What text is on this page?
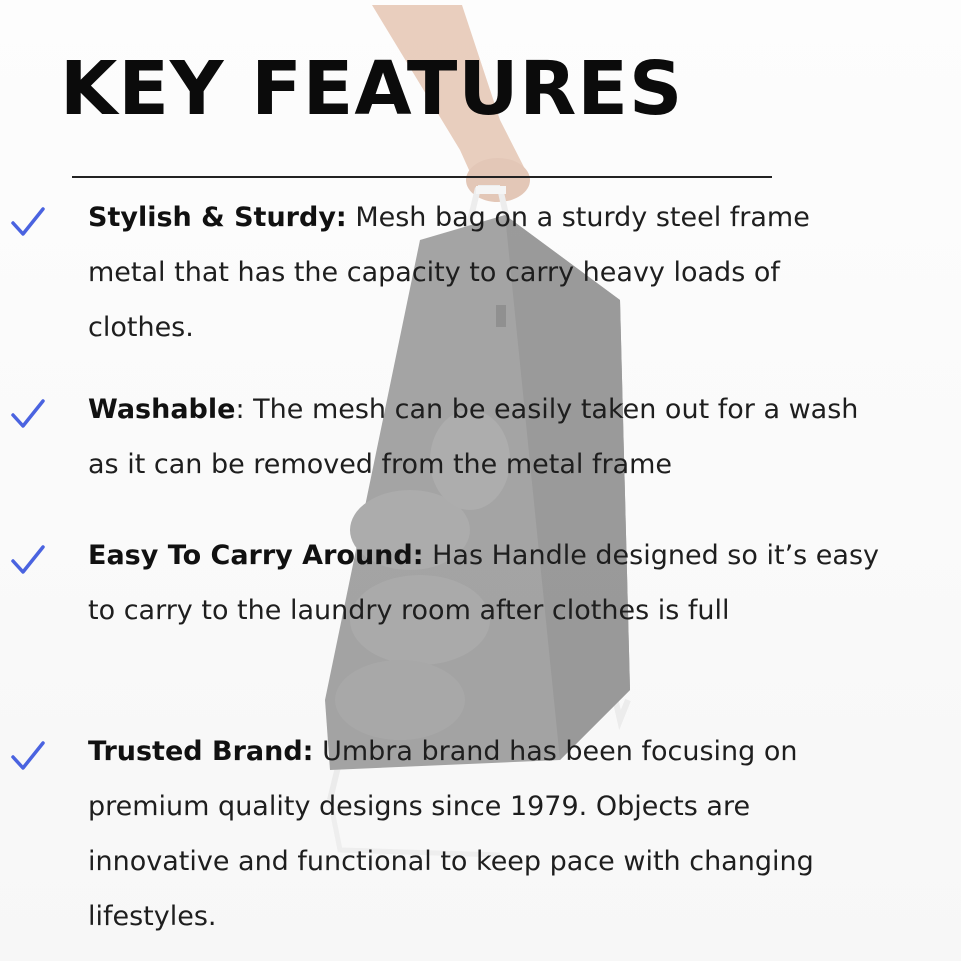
KEY FEATURES

Stylish & Sturdy: Mesh bag on a sturdy steel frame metal that has the capacity to carry heavy loads of clothes.

Washable: The mesh can be easily taken out for a wash as it can be removed from the metal frame

Easy To Carry Around: Has Handle designed so it’s easy to carry to the laundry room after clothes is full

Trusted Brand: Umbra brand has been focusing on premium quality designs since 1979. Objects are innovative and functional to keep pace with changing lifestyles.
